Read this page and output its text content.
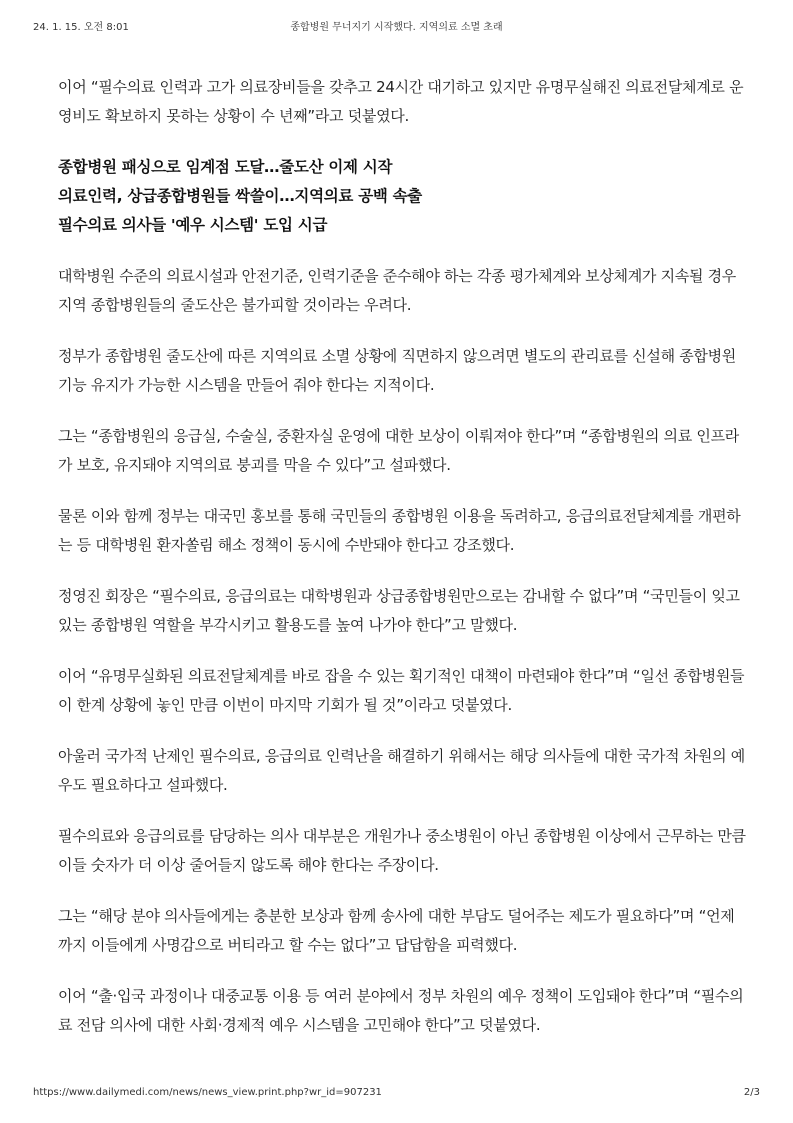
24. 1. 15. 오전 8:01	종합병원 무너지기 시작했다. 지역의료 소멸 초래

이어 “필수의료 인력과 고가 의료장비들을 갖추고 24시간 대기하고 있지만 유명무실해진 의료전달체계로 운영비도 확보하지 못하는 상황이 수 년째”라고 덧붙였다.

종합병원 패싱으로 임계점 도달…줄도산 이제 시작
의료인력, 상급종합병원들 싹쓸이…지역의료 공백 속출
필수의료 의사들 '예우 시스템' 도입 시급

대학병원 수준의 의료시설과 안전기준, 인력기준을 준수해야 하는 각종 평가체계와 보상체계가 지속될 경우 지역 종합병원들의 줄도산은 불가피할 것이라는 우려다.

정부가 종합병원 줄도산에 따른 지역의료 소멸 상황에 직면하지 않으려면 별도의 관리료를 신설해 종합병원 기능 유지가 가능한 시스템을 만들어 줘야 한다는 지적이다.

그는 “종합병원의 응급실, 수술실, 중환자실 운영에 대한 보상이 이뤄져야 한다”며 “종합병원의 의료 인프라가 보호, 유지돼야 지역의료 붕괴를 막을 수 있다”고 설파했다.

물론 이와 함께 정부는 대국민 홍보를 통해 국민들의 종합병원 이용을 독려하고, 응급의료전달체계를 개편하는 등 대학병원 환자쏠림 해소 정책이 동시에 수반돼야 한다고 강조했다.

정영진 회장은 “필수의료, 응급의료는 대학병원과 상급종합병원만으로는 감내할 수 없다”며 “국민들이 잊고 있는 종합병원 역할을 부각시키고 활용도를 높여 나가야 한다”고 말했다.

이어 “유명무실화된 의료전달체계를 바로 잡을 수 있는 획기적인 대책이 마련돼야 한다”며 “일선 종합병원들이 한계 상황에 놓인 만큼 이번이 마지막 기회가 될 것”이라고 덧붙였다.

아울러 국가적 난제인 필수의료, 응급의료 인력난을 해결하기 위해서는 해당 의사들에 대한 국가적 차원의 예우도 필요하다고 설파했다.

필수의료와 응급의료를 담당하는 의사 대부분은 개원가나 중소병원이 아닌 종합병원 이상에서 근무하는 만큼 이들 숫자가 더 이상 줄어들지 않도록 해야 한다는 주장이다.

그는 “해당 분야 의사들에게는 충분한 보상과 함께 송사에 대한 부담도 덜어주는 제도가 필요하다”며 “언제까지 이들에게 사명감으로 버티라고 할 수는 없다”고 답답함을 피력했다.

이어 “출·입국 과정이나 대중교통 이용 등 여러 분야에서 정부 차원의 예우 정책이 도입돼야 한다”며 “필수의료 전담 의사에 대한 사회·경제적 예우 시스템을 고민해야 한다”고 덧붙였다.

https://www.dailymedi.com/news/news_view.print.php?wr_id=907231	2/3
